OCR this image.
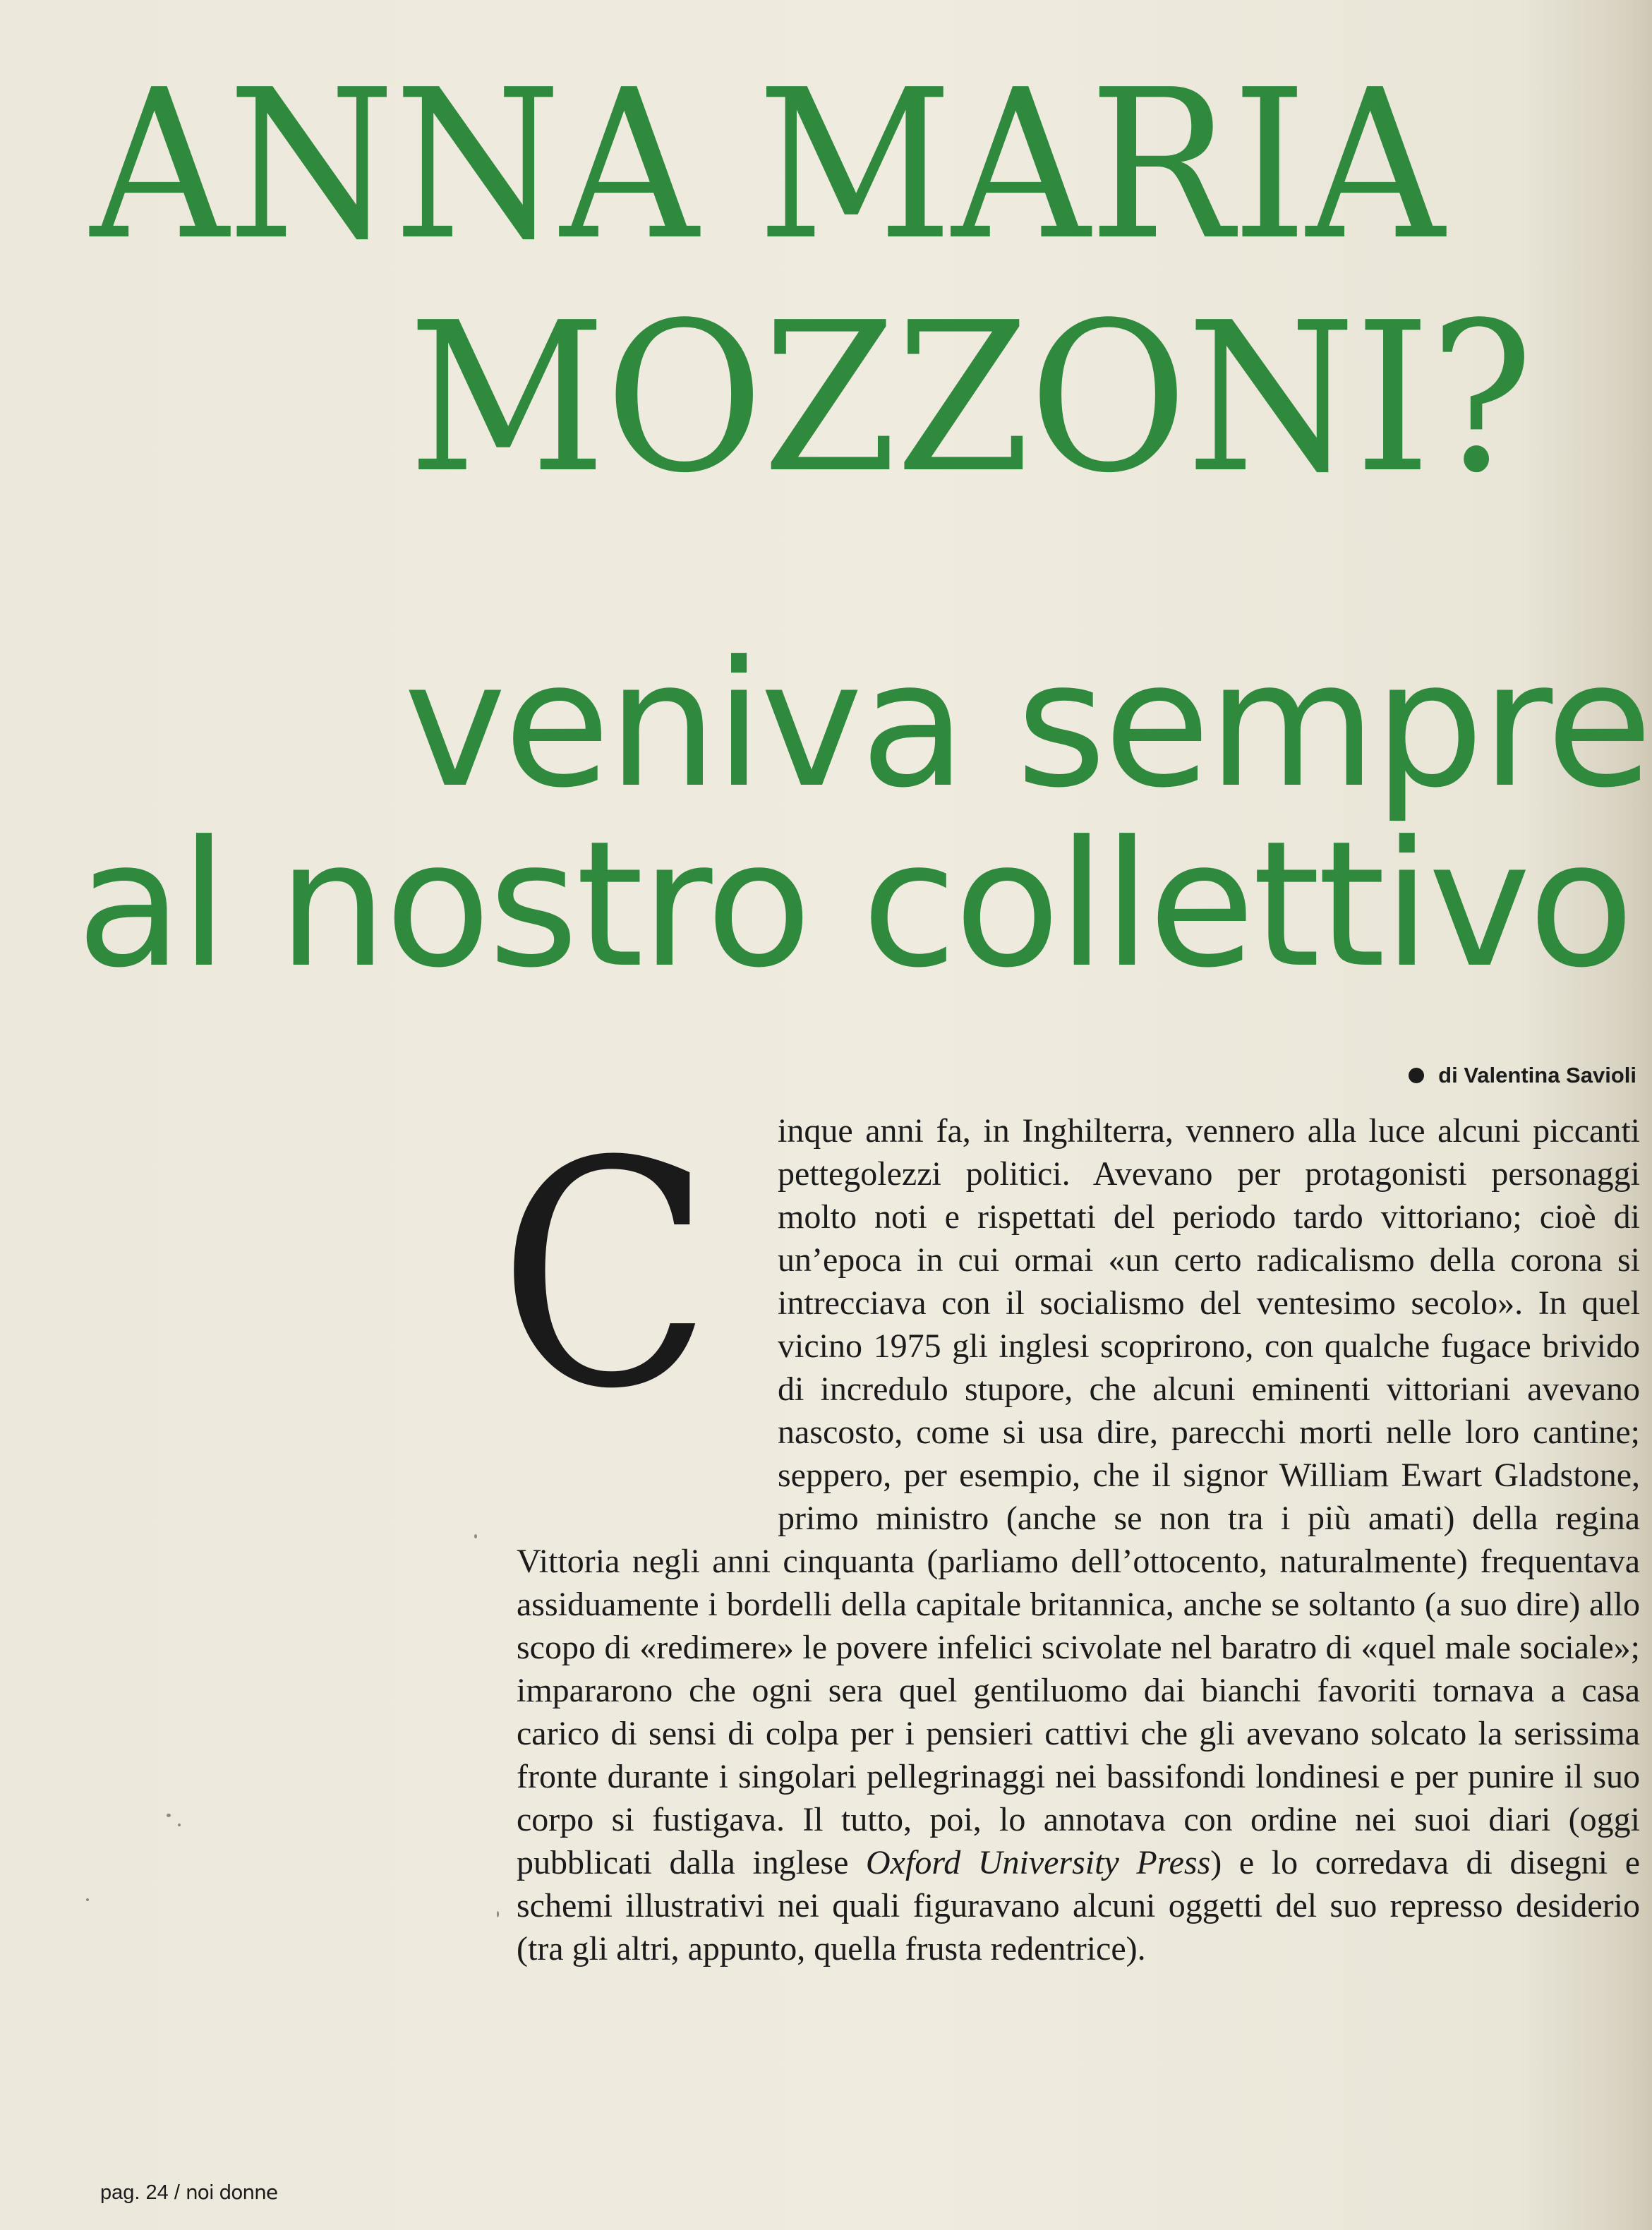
ANNA MARIA
MOZZONI?
veniva sempre
al nostro collettivo
di Valentina Savioli
C	inque anni fa, in Inghilterra, vennero alla luce alcuni piccanti pettegolezzi politici. Avevano per protagonisti personaggi molto noti e rispettati del periodo tardo vittoriano; cioè di un’epoca in cui ormai «un certo radicalismo della corona si intrecciava con il socialismo del ventesimo secolo». In quel vicino 1975 gli inglesi scoprirono, con qualche fugace brivido di incredulo stupore, che alcuni eminenti vittoriani avevano nascosto, come si usa dire, parecchi morti nelle loro cantine; seppero, per esempio, che il signor William Ewart Gladstone, primo ministro (anche se non tra i più amati) della regina Vittoria negli anni cinquanta (parliamo dell’ottocento, naturalmente) frequentava assiduamente i bordelli della capitale britannica, anche se soltanto (a suo dire) allo scopo di «redimere» le povere infelici scivolate nel baratro di «quel male sociale»; impararono che ogni sera quel gentiluomo dai bianchi favoriti tornava a casa carico di sensi di colpa per i pensieri cattivi che gli avevano solcato la serissima fronte durante i singolari pellegrinaggi nei bassifondi londinesi e per punire il suo corpo si fustigava. Il tutto, poi, lo annotava con ordine nei suoi diari (oggi pubblicati dalla inglese Oxford University Press) e lo corredava di disegni e schemi illustrativi nei quali figuravano alcuni oggetti del suo represso desiderio (tra gli altri, appunto, quella frusta redentrice).

pag. 24 / noi donne
